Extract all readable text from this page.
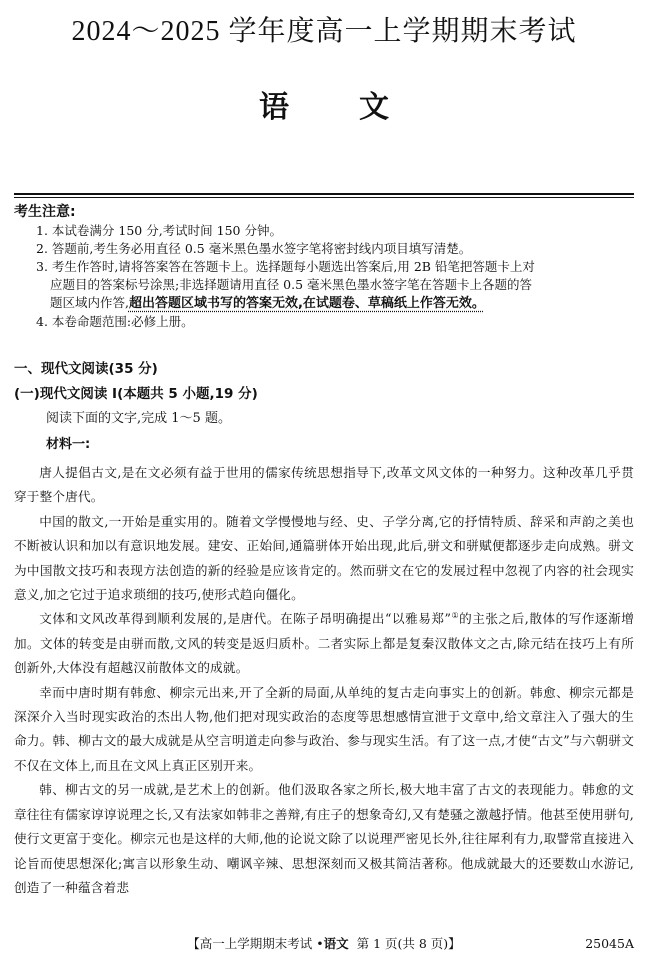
2024～2025 学年度高一上学期期末考试
语文
考生注意:

1. 本试卷满分 150 分,考试时间 150 分钟。

2. 答题前,考生务必用直径 0.5 毫米黑色墨水签字笔将密封线内项目填写清楚。

3. 考生作答时,请将答案答在答题卡上。选择题每小题选出答案后,用 2B 铅笔把答题卡上对

应题目的答案标号涂黑;非选择题请用直径 0.5 毫米黑色墨水签字笔在答题卡上各题的答

题区域内作答,超出答题区域书写的答案无效,在试题卷、草稿纸上作答无效。

4. 本卷命题范围:必修上册。

一、现代文阅读(35 分)
(一)现代文阅读 Ⅰ(本题共 5 小题,19 分)
阅读下面的文字,完成 1～5 题。
材料一:

唐人提倡古文,是在文必须有益于世用的儒家传统思想指导下,改革文风文体的一种努力。这种改革几乎贯穿于整个唐代。

中国的散文,一开始是重实用的。随着文学慢慢地与经、史、子学分离,它的抒情特质、辞采和声韵之美也不断被认识和加以有意识地发展。建安、正始间,通篇骈体开始出现,此后,骈文和骈赋便都逐步走向成熟。骈文为中国散文技巧和表现方法创造的新的经验是应该肯定的。然而骈文在它的发展过程中忽视了内容的社会现实意义,加之它过于追求琐细的技巧,使形式趋向僵化。

文体和文风改革得到顺利发展的,是唐代。在陈子昂明确提出“以雅易郑”①的主张之后,散体的写作逐渐增加。文体的转变是由骈而散,文风的转变是返归质朴。二者实际上都是复秦汉散体文之古,除元结在技巧上有所创新外,大体没有超越汉前散体文的成就。

幸而中唐时期有韩愈、柳宗元出来,开了全新的局面,从单纯的复古走向事实上的创新。韩愈、柳宗元都是深深介入当时现实政治的杰出人物,他们把对现实政治的态度等思想感情宣泄于文章中,给文章注入了强大的生命力。韩、柳古文的最大成就是从空言明道走向参与政治、参与现实生活。有了这一点,才使“古文”与六朝骈文不仅在文体上,而且在文风上真正区别开来。

韩、柳古文的另一成就,是艺术上的创新。他们汲取各家之所长,极大地丰富了古文的表现能力。韩愈的文章往往有儒家谆谆说理之长,又有法家如韩非之善辩,有庄子的想象奇幻,又有楚骚之激越抒情。他甚至使用骈句,使行文更富于变化。柳宗元也是这样的大师,他的论说文除了以说理严密见长外,往往犀利有力,取譬常直接进入论旨而使思想深化;寓言以形象生动、嘲讽辛辣、思想深刻而又极其简洁著称。他成就最大的还要数山水游记,创造了一种蕴含着悲

【高一上学期期末考试 •语文 第 1 页(共 8 页)】	25045A
